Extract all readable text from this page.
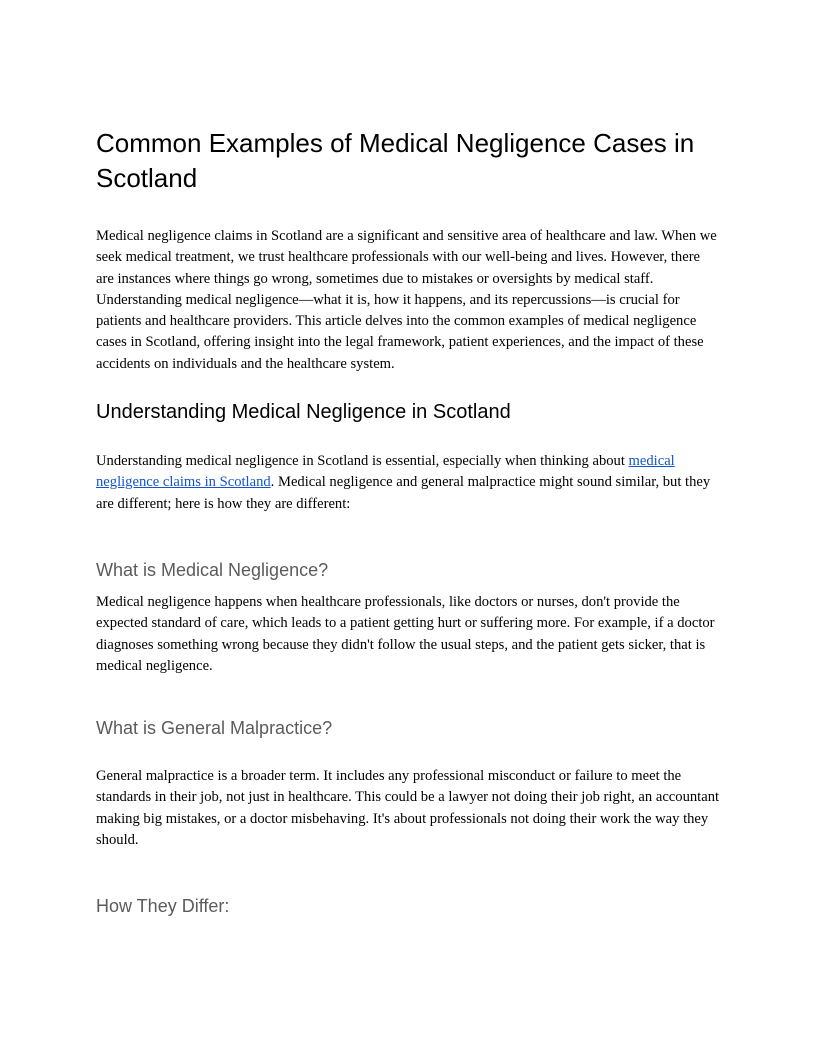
Common Examples of Medical Negligence Cases in Scotland

Medical negligence claims in Scotland are a significant and sensitive area of healthcare and law. When we seek medical treatment, we trust healthcare professionals with our well-being and lives. However, there are instances where things go wrong, sometimes due to mistakes or oversights by medical staff. Understanding medical negligence—what it is, how it happens, and its repercussions—is crucial for patients and healthcare providers. This article delves into the common examples of medical negligence cases in Scotland, offering insight into the legal framework, patient experiences, and the impact of these accidents on individuals and the healthcare system.

Understanding Medical Negligence in Scotland

Understanding medical negligence in Scotland is essential, especially when thinking about medical negligence claims in Scotland. Medical negligence and general malpractice might sound similar, but they are different; here is how they are different:

What is Medical Negligence?

Medical negligence happens when healthcare professionals, like doctors or nurses, don't provide the expected standard of care, which leads to a patient getting hurt or suffering more. For example, if a doctor diagnoses something wrong because they didn't follow the usual steps, and the patient gets sicker, that is medical negligence.

What is General Malpractice?

General malpractice is a broader term. It includes any professional misconduct or failure to meet the standards in their job, not just in healthcare. This could be a lawyer not doing their job right, an accountant making big mistakes, or a doctor misbehaving. It's about professionals not doing their work the way they should.

How They Differ:
